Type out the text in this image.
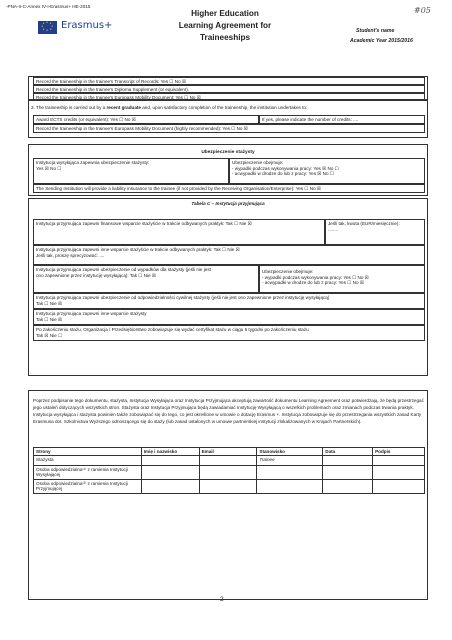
-PNA-II-C-Annex IV-I-Erasmus+ HE-2015
★ ★
★
★
★
★
★
★ Erasmus+
Higher Education
Learning Agreement for
Traineeships
#05
Student's name
Academic Year 2015/2016
Record the traineeship in the trainee's Transcript of Records: Yes ☐ No ☒
Record the traineeship in the trainee's Diploma Supplement (or equivalent).
Record the traineeship in the trainee's Europass Mobility Document: Yes ☐ No ☒
3. The traineeship is carried out by a recent graduate and, upon satisfactory completion of the traineeship, the institution undertakes to:
Award ECTS credits (or equivalent): Yes ☐ No ☒	If yes, please indicate the number of credits: ....
Record the traineeship in the trainee's Europass Mobility Document (highly recommended): Yes ☐ No ☒
Ubezpieczenie stażysty
Instytucja wysyłająca zapewnia ubezpieczenie stażysty:
Yes ☒ No ☐
Ubezpieczenie obejmuje:
- wypadki podczas wykonywania pracy: Yes ☒ No ☐
- acwypadki w drodze do lub z pracy: Yes ☒ No ☐
The Sending Institution will provide a liability insurance to the trainee (if not provided by the Receiving Organisation/Enterprise): Yes ☐ No ☒
Tabela C – Instytucja przyjmująca
Instytucja przyjmująca zapewni finansowe wsparcie stażyście w trakcie odbywanych praktyk: Tak ☐ Nie ☒	Jeśli tak, kwota (EUR/miesięcznie):
........
Instytucja przyjmująca zapewni inne wsparcie stażyście w trakcie odbywanych praktyk: Tak ☐ Nie ☒
Jeśli tak, proszę sprecyzować: ....
Instytucja przyjmująca zapewni ubezpieczenie od wypadków dla stażysty (jeśli nie jest
ono zapewnione przez instytucję wysyłającą): Tak ☐ Nie ☒
Ubezpieczenie obejmuje:
- wypadki podczas wykonywania pracy: Yes ☐ No ☒
- acwypadki w drodze do lub z pracy: Yes ☐ No ☒
Instytucja przyjmująca zapewni ubezpieczenie od odpowiedzialności cywilnej stażysty (jeśli nie jest ono zapewnione przez instytucję wysyłającą)
Tak ☐ Nie ☒
Instytucja przyjmująca zapewni inne wsparcie stażysty
Tak ☐ Nie ☒
Po zakończeniu stażu, Organizacja / Przedsiębiorstwo zobowiązuje się wydać certyfikat stażu w ciągu 5 tygodni po zakończeniu stażu
Tak ☒ Nie ☐
Poprzez podpisanie tego dokumentu, stażysta, Instytucja Wysyłająca oraz Instytucja Przyjmująca akceptują zawartość dokumentu Learning Agreement oraz potwierdzają, że będą przestrzegać jego ustaleń dotyczących wszystkich stron. Stażysta oraz Instytucja Przyjmująca będą zawiadamiać Instytucję Wysyłającą o wszelkich problemach oraz zmianach podczas trwania praktyk. Instytucja wysyłająca i stażysta powinien także zobowiązać się do tego, co jest określone w umowie o dotację Erasmus +. Instytucja zobowiązuje się do przestrzegania wszystkich zasad Karty Erasmusa dot. Szkolnictwa Wyższego odnoszącego się do staży (lub zasad ustalonych w umowie partnerskiej instytucji zlokalizowanych w Krajach Partnerskich).
Strony	Imię i nazwisko	Email	Stanowisko	Data	Podpis
Stażysta			Trainee		
Osoba odpowiedzialna⁽¹⁾ z ramienia Instytucji Wysyłającej					
Osoba odpowiedzialna⁽²⁾ z ramienia Instytucji Przyjmującej					
2
